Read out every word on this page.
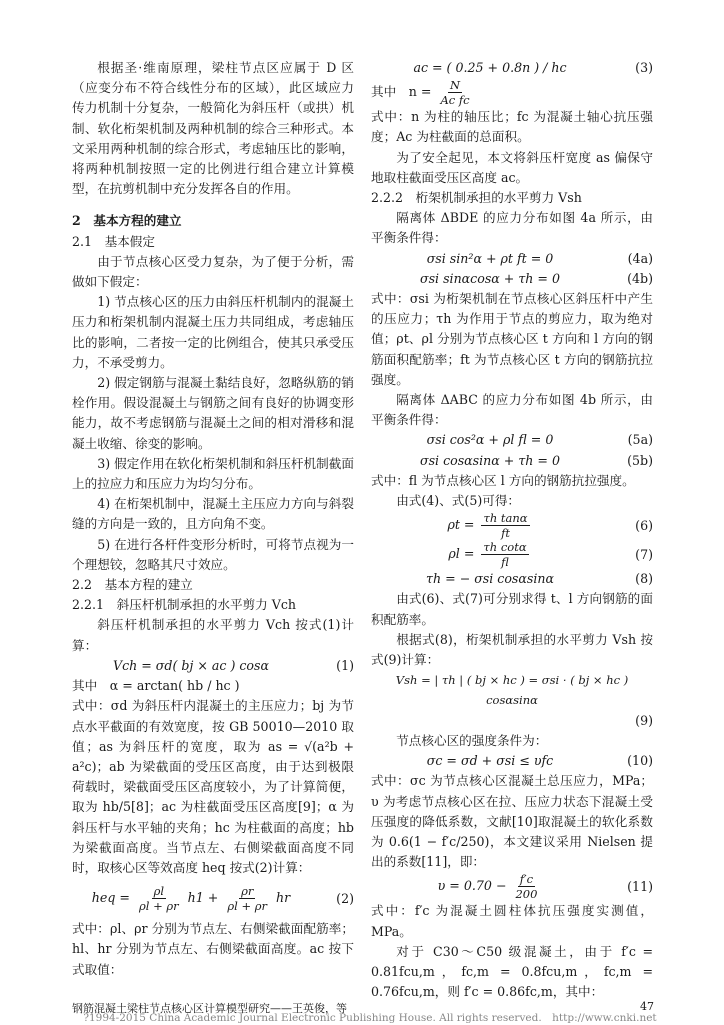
根据圣·维南原理，梁柱节点区应属于 D 区（应变分布不符合线性分布的区域），此区域应力传力机制十分复杂，一般简化为斜压杆（或拱）机制、软化桁架机制及两种机制的综合三种形式。本文采用两种机制的综合形式，考虑轴压比的影响，将两种机制按照一定的比例进行组合建立计算模型，在抗剪机制中充分发挥各自的作用。

2　基本方程的建立

2.1　基本假定

由于节点核心区受力复杂，为了便于分析，需做如下假定：

1) 节点核心区的压力由斜压杆机制内的混凝土压力和桁架机制内混凝土压力共同组成，考虑轴压比的影响，二者按一定的比例组合，使其只承受压力，不承受剪力。

2) 假定钢筋与混凝土黏结良好，忽略纵筋的销栓作用。假设混凝土与钢筋之间有良好的协调变形能力，故不考虑钢筋与混凝土之间的相对滑移和混凝土收缩、徐变的影响。

3) 假定作用在软化桁架机制和斜压杆机制截面上的拉应力和压应力为均匀分布。

4) 在桁架机制中，混凝土主压应力方向与斜裂缝的方向是一致的，且方向角不变。

5) 在进行各杆件变形分析时，可将节点视为一个理想铰，忽略其尺寸效应。

2.2　基本方程的建立

2.2.1　斜压杆机制承担的水平剪力 Vch

斜压杆机制承担的水平剪力 Vch 按式(1)计算：

Vch = σd( bj × ac ) cosα	(1)

其中　α = arctan( hb / hc )

式中：σd 为斜压杆内混凝土的主压应力；bj 为节点水平截面的有效宽度，按 GB 50010—2010 取值；as 为斜压杆的宽度，取为 as = √(a²b + a²c)；ab 为梁截面的受压区高度，由于达到极限荷载时，梁截面受压区高度较小，为了计算简便，取为 hb/5[8]；ac 为柱截面受压区高度[9]；α 为斜压杆与水平轴的夹角；hc 为柱截面的高度；hb 为梁截面高度。当节点左、右侧梁截面高度不同时，取核心区等效高度 heq 按式(2)计算：

heq = $\frac{\rho l}{\rho l + \rho r} h1 + \frac{\rho r}{\rho l + \rho r}$ hr	(2)

式中：ρl、ρr 分别为节点左、右侧梁截面配筋率；hl、hr 分别为节点左、右侧梁截面高度。ac 按下式取值：

ac = ( 0.25 + 0.8n ) / hc	(3)

其中　$n = \frac{N}{\text{Ac fc}}$

式中：n 为柱的轴压比；fc 为混凝土轴心抗压强度；Ac 为柱截面的总面积。

为了安全起见，本文将斜压杆宽度 as 偏保守地取柱截面受压区高度 ac。

2.2.2　桁架机制承担的水平剪力 Vsh

隔离体 ΔBDE 的应力分布如图 4a 所示，由平衡条件得：

σsi sin²α + ρt ft = 0	(4a)
σsi sinαcosα + τh = 0	(4b)

式中：σsi 为桁架机制在节点核心区斜压杆中产生的压应力；τh 为作用于节点的剪应力，取为绝对值；ρt、ρl 分别为节点核心区 t 方向和 l 方向的钢筋面积配筋率；ft 为节点核心区 t 方向的钢筋抗拉强度。

隔离体 ΔABC 的应力分布如图 4b 所示，由平衡条件得：

σsi cos²α + ρl fl = 0	(5a)
σsi cosαsinα + τh = 0	(5b)

式中：fl 为节点核心区 l 方向的钢筋抗拉强度。

由式(4)、式(5)可得：

$\rho t = \frac{\text{τh tanα}}{ft}$	(6)
$\rho l = \frac{\text{τh cotα}}{fl}$	(7)
τh = − σsi cosαsinα	(8)

由式(6)、式(7)可分别求得 t、l 方向钢筋的面积配筋率。

根据式(8)，桁架机制承担的水平剪力 Vsh 按式(9)计算：

Vsh = | τh | ( bj × hc ) = σsi · ( bj × hc ) cosαsinα
(9)

节点核心区的强度条件为：

σc = σd + σsi ≤ υfc	(10)

式中：σc 为节点核心区混凝土总压应力，MPa；υ 为考虑节点核心区在拉、压应力状态下混凝土受压强度的降低系数，文献[10]取混凝土的软化系数为 0.6(1 − f′c/250)，本文建议采用 Nielsen 提出的系数[11]，即：

$\upsilon = 0.70 - \frac{f'c}{200}$	(11)

式中：f′c 为混凝土圆柱体抗压强度实测值，MPa。

对于 C30～C50 级混凝土，由于 f′c = 0.81fcu,m，fc,m = 0.8fcu,m，fc,m = 0.76fcu,m，则 f′c = 0.86fc,m，其中：

钢筋混凝土梁柱节点核心区计算模型研究——王英俊，等	47
?1994-2015 China Academic Journal Electronic Publishing House. All rights reserved.　http://www.cnki.net
